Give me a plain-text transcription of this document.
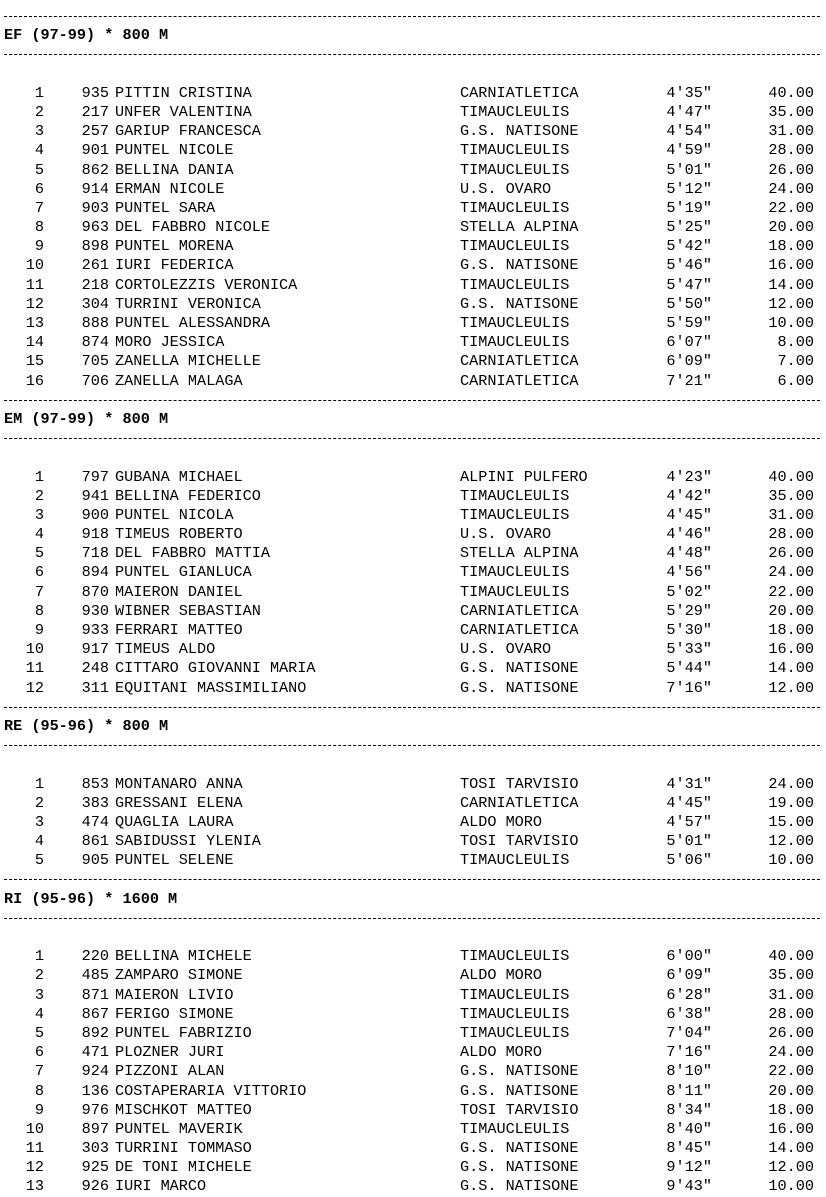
EF (97-99) * 800 M
1	935 PITTIN CRISTINA	CARNIATLETICA	4'35"	40.00
2	217 UNFER VALENTINA	TIMAUCLEULIS	4'47"	35.00
3	257 GARIUP FRANCESCA	G.S. NATISONE	4'54"	31.00
4	901 PUNTEL NICOLE	TIMAUCLEULIS	4'59"	28.00
5	862 BELLINA DANIA	TIMAUCLEULIS	5'01"	26.00
6	914 ERMAN NICOLE	U.S. OVARO	5'12"	24.00
7	903 PUNTEL SARA	TIMAUCLEULIS	5'19"	22.00
8	963 DEL FABBRO NICOLE	STELLA ALPINA	5'25"	20.00
9	898 PUNTEL MORENA	TIMAUCLEULIS	5'42"	18.00
10	261 IURI FEDERICA	G.S. NATISONE	5'46"	16.00
11	218 CORTOLEZZIS VERONICA	TIMAUCLEULIS	5'47"	14.00
12	304 TURRINI VERONICA	G.S. NATISONE	5'50"	12.00
13	888 PUNTEL ALESSANDRA	TIMAUCLEULIS	5'59"	10.00
14	874 MORO JESSICA	TIMAUCLEULIS	6'07"	8.00
15	705 ZANELLA MICHELLE	CARNIATLETICA	6'09"	7.00
16	706 ZANELLA MALAGA	CARNIATLETICA	7'21"	6.00
EM (97-99) * 800 M
1	797 GUBANA MICHAEL	ALPINI PULFERO	4'23"	40.00
2	941 BELLINA FEDERICO	TIMAUCLEULIS	4'42"	35.00
3	900 PUNTEL NICOLA	TIMAUCLEULIS	4'45"	31.00
4	918 TIMEUS ROBERTO	U.S. OVARO	4'46"	28.00
5	718 DEL FABBRO MATTIA	STELLA ALPINA	4'48"	26.00
6	894 PUNTEL GIANLUCA	TIMAUCLEULIS	4'56"	24.00
7	870 MAIERON DANIEL	TIMAUCLEULIS	5'02"	22.00
8	930 WIBNER SEBASTIAN	CARNIATLETICA	5'29"	20.00
9	933 FERRARI MATTEO	CARNIATLETICA	5'30"	18.00
10	917 TIMEUS ALDO	U.S. OVARO	5'33"	16.00
11	248 CITTARO GIOVANNI MARIA	G.S. NATISONE	5'44"	14.00
12	311 EQUITANI MASSIMILIANO	G.S. NATISONE	7'16"	12.00
RE (95-96) * 800 M
1	853 MONTANARO ANNA	TOSI TARVISIO	4'31"	24.00
2	383 GRESSANI ELENA	CARNIATLETICA	4'45"	19.00
3	474 QUAGLIA LAURA	ALDO MORO	4'57"	15.00
4	861 SABIDUSSI YLENIA	TOSI TARVISIO	5'01"	12.00
5	905 PUNTEL SELENE	TIMAUCLEULIS	5'06"	10.00
RI (95-96) * 1600 M
1	220 BELLINA MICHELE	TIMAUCLEULIS	6'00"	40.00
2	485 ZAMPARO SIMONE	ALDO MORO	6'09"	35.00
3	871 MAIERON LIVIO	TIMAUCLEULIS	6'28"	31.00
4	867 FERIGO SIMONE	TIMAUCLEULIS	6'38"	28.00
5	892 PUNTEL FABRIZIO	TIMAUCLEULIS	7'04"	26.00
6	471 PLOZNER JURI	ALDO MORO	7'16"	24.00
7	924 PIZZONI ALAN	G.S. NATISONE	8'10"	22.00
8	136 COSTAPERARIA VITTORIO	G.S. NATISONE	8'11"	20.00
9	976 MISCHKOT MATTEO	TOSI TARVISIO	8'34"	18.00
10	897 PUNTEL MAVERIK	TIMAUCLEULIS	8'40"	16.00
11	303 TURRINI TOMMASO	G.S. NATISONE	8'45"	14.00
12	925 DE TONI MICHELE	G.S. NATISONE	9'12"	12.00
13	926 IURI MARCO	G.S. NATISONE	9'43"	10.00
